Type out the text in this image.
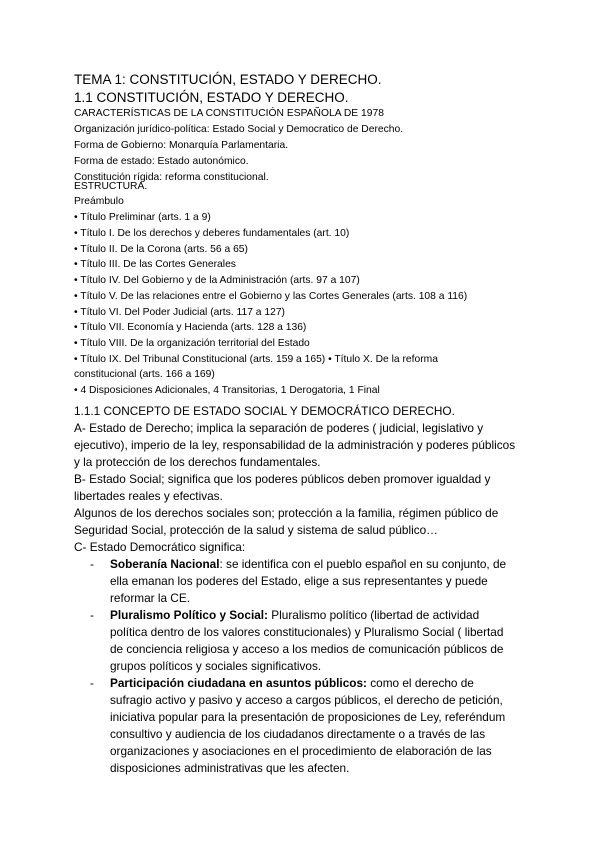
TEMA 1: CONSTITUCIÓN, ESTADO Y DERECHO.
1.1 CONSTITUCIÓN, ESTADO Y DERECHO.
CARACTERÍSTICAS DE LA CONSTITUCIÓN ESPAÑOLA DE 1978
Organización jurídico-política: Estado Social y Democratico de Derecho.
Forma de Gobierno: Monarquía Parlamentaria.
Forma de estado: Estado autonómico.
Constitución rígida: reforma constitucional.
ESTRUCTURA.
Preámbulo
• Título Preliminar (arts. 1 a 9)
• Título I. De los derechos y deberes fundamentales (art. 10)
• Título II. De la Corona (arts. 56 a 65)
• Título III. De las Cortes Generales
• Título IV. Del Gobierno y de la Administración (arts. 97 a 107)
• Título V. De las relaciones entre el Gobierno y las Cortes Generales (arts. 108 a 116)
• Título VI. Del Poder Judicial (arts. 117 a 127)
• Título VII. Economía y Hacienda (arts. 128 a 136)
• Título VIII. De la organización territorial del Estado
• Título IX. Del Tribunal Constitucional (arts. 159 a 165) • Título X. De la reforma
constitucional (arts. 166 a 169)
• 4 Disposiciones Adicionales, 4 Transitorias, 1 Derogatoria, 1 Final
1.1.1 CONCEPTO DE ESTADO SOCIAL Y DEMOCRÁTICO DERECHO.
A- Estado de Derecho; implica la separación de poderes ( judicial, legislativo y
ejecutivo), imperio de la ley, responsabilidad de la administración y poderes públicos
y la protección de los derechos fundamentales.
B- Estado Social; significa que los poderes públicos deben promover igualdad y
libertades reales y efectivas.
Algunos de los derechos sociales son; protección a la familia, régimen público de
Seguridad Social, protección de la salud y sistema de salud público…
C- Estado Democrático significa:
- Soberanía Nacional: se identifica con el pueblo español en su conjunto, de
ella emanan los poderes del Estado, elige a sus representantes y puede
reformar la CE.
- Pluralismo Político y Social: Pluralismo político (libertad de actividad
política dentro de los valores constitucionales) y Pluralismo Social ( libertad
de conciencia religiosa y acceso a los medios de comunicación públicos de
grupos políticos y sociales significativos.
- Participación ciudadana en asuntos públicos: como el derecho de
sufragio activo y pasivo y acceso a cargos públicos, el derecho de petición,
iniciativa popular para la presentación de proposiciones de Ley, referéndum
consultivo y audiencia de los ciudadanos directamente o a través de las
organizaciones y asociaciones en el procedimiento de elaboración de las
disposiciones administrativas que les afecten.
